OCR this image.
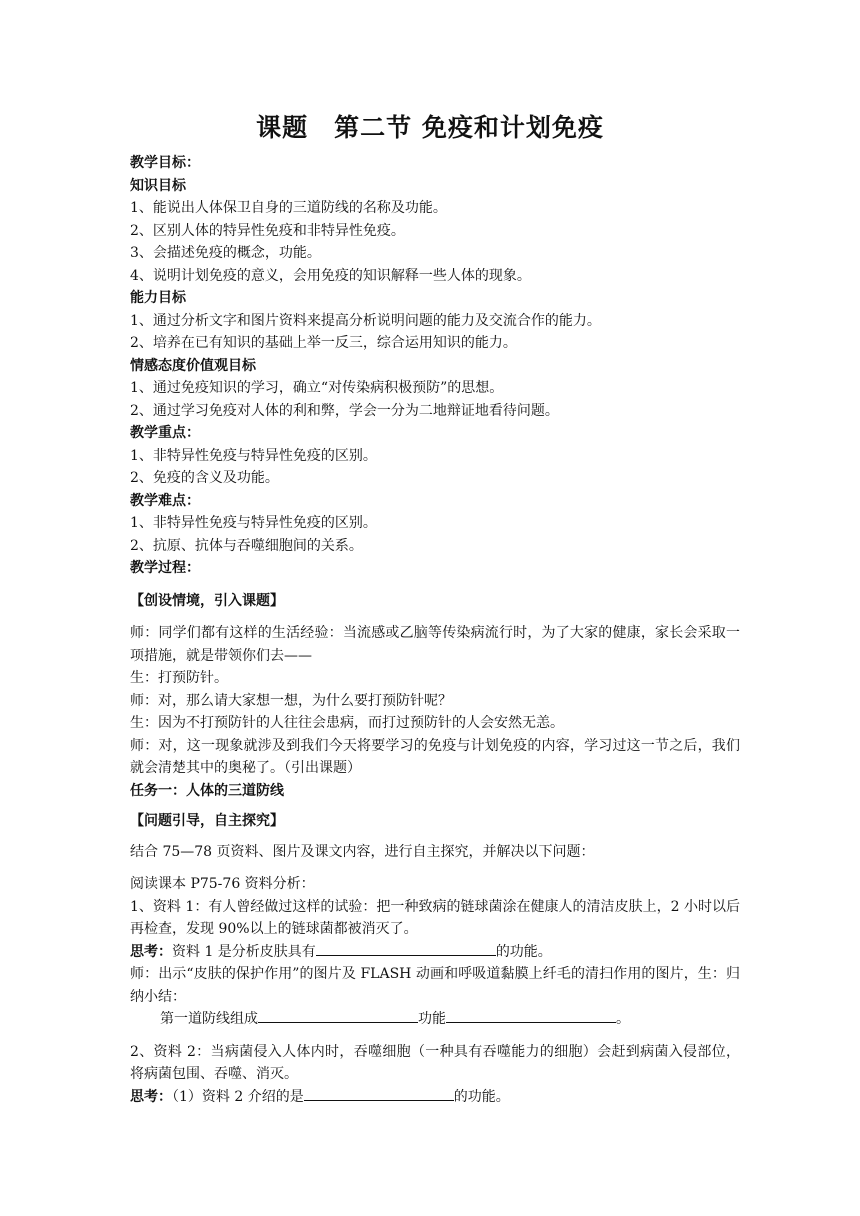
课题　第二节 免疫和计划免疫
教学目标：
知识目标
1、能说出人体保卫自身的三道防线的名称及功能。
2、区别人体的特异性免疫和非特异性免疫。
3、会描述免疫的概念，功能。
4、说明计划免疫的意义，会用免疫的知识解释一些人体的现象。
能力目标
1、通过分析文字和图片资料来提高分析说明问题的能力及交流合作的能力。
2、培养在已有知识的基础上举一反三，综合运用知识的能力。
情感态度价值观目标
1、通过免疫知识的学习，确立“对传染病积极预防”的思想。
2、通过学习免疫对人体的利和弊，学会一分为二地辩证地看待问题。
教学重点：
1、非特异性免疫与特异性免疫的区别。
2、免疫的含义及功能。
教学难点：
1、非特异性免疫与特异性免疫的区别。
2、抗原、抗体与吞噬细胞间的关系。
教学过程：
【创设情境，引入课题】
师：同学们都有这样的生活经验：当流感或乙脑等传染病流行时，为了大家的健康，家长会采取一项措施，就是带领你们去——
生：打预防针。
师：对，那么请大家想一想，为什么要打预防针呢？
生：因为不打预防针的人往往会患病，而打过预防针的人会安然无恙。
师：对，这一现象就涉及到我们今天将要学习的免疫与计划免疫的内容，学习过这一节之后，我们就会清楚其中的奥秘了。（引出课题）
任务一：人体的三道防线
【问题引导，自主探究】
结合 75—78 页资料、图片及课文内容，进行自主探究，并解决以下问题：
阅读课本 P75-76 资料分析：
1、资料 1：有人曾经做过这样的试验：把一种致病的链球菌涂在健康人的清洁皮肤上，2 小时以后再检查，发现 90%以上的链球菌都被消灭了。
思考：资料 1 是分析皮肤具有	的功能。
师：出示“皮肤的保护作用”的图片及 FLASH 动画和呼吸道黏膜上纤毛的清扫作用的图片，生：归纳小结：
第一道防线组成	功能	。
2、资料 2：当病菌侵入人体内时，吞噬细胞（一种具有吞噬能力的细胞）会赶到病菌入侵部位，将病菌包围、吞噬、消灭。
思考：（1）资料 2 介绍的是	的功能。
